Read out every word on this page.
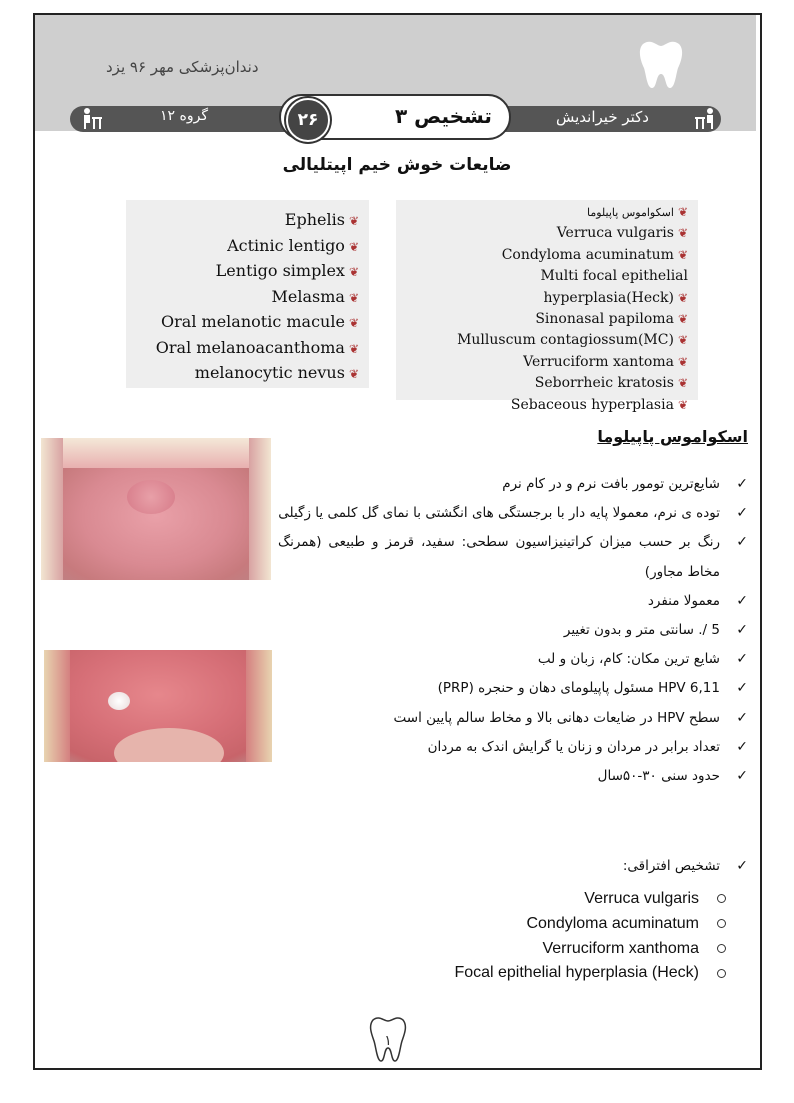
دندان‌پزشکی مهر ۹۶ یزد
دکتر خیراندیش
گروه ۱۲	تشخیص ۳
۲۶
ضایعات خوش خیم اپیتلیالی
Ephelis ❦
Actinic lentigo ❦
Lentigo simplex ❦
Melasma ❦
Oral melanotic macule ❦
Oral melanoacanthoma ❦
melanocytic nevus ❦
اسکواموس پاپیلوما ❦
Verruca vulgaris ❦
Condyloma acuminatum ❦
Multi focal epithelial hyperplasia(Heck) ❦
Sinonasal papiloma ❦
Mulluscum contagiossum(MC) ❦
Verruciform xantoma ❦
Seborrheic kratosis ❦
Sebaceous hyperplasia ❦
اسکواموس پاپیلوما
✓ شایع‌ترین تومور بافت نرم و در کام نرم
✓ توده ی نرم، معمولا پایه دار با برجستگی های انگشتی با نمای گل کلمی یا زگیلی
✓ رنگ بر حسب میزان کراتینیزاسیون سطحی: سفید، قرمز و طبیعی (همرنگ مخاط مجاور)
✓ معمولا منفرد
✓ 5 /. سانتی متر و بدون تغییر
✓ شایع ترین مکان: کام، زبان و لب
✓ HPV 6,11 مسئول پاپیلومای دهان و حنجره (PRP)
✓ سطح HPV در ضایعات دهانی بالا و مخاط سالم پایین است
✓ تعداد برابر در مردان و زنان یا گرایش اندک به مردان
✓ حدود سنی ۳۰-۵۰سال
✓ تشخیص افتراقی:
Verruca vulgaris
Condyloma acuminatum
Verruciform xanthoma
Focal epithelial hyperplasia (Heck)
۱
